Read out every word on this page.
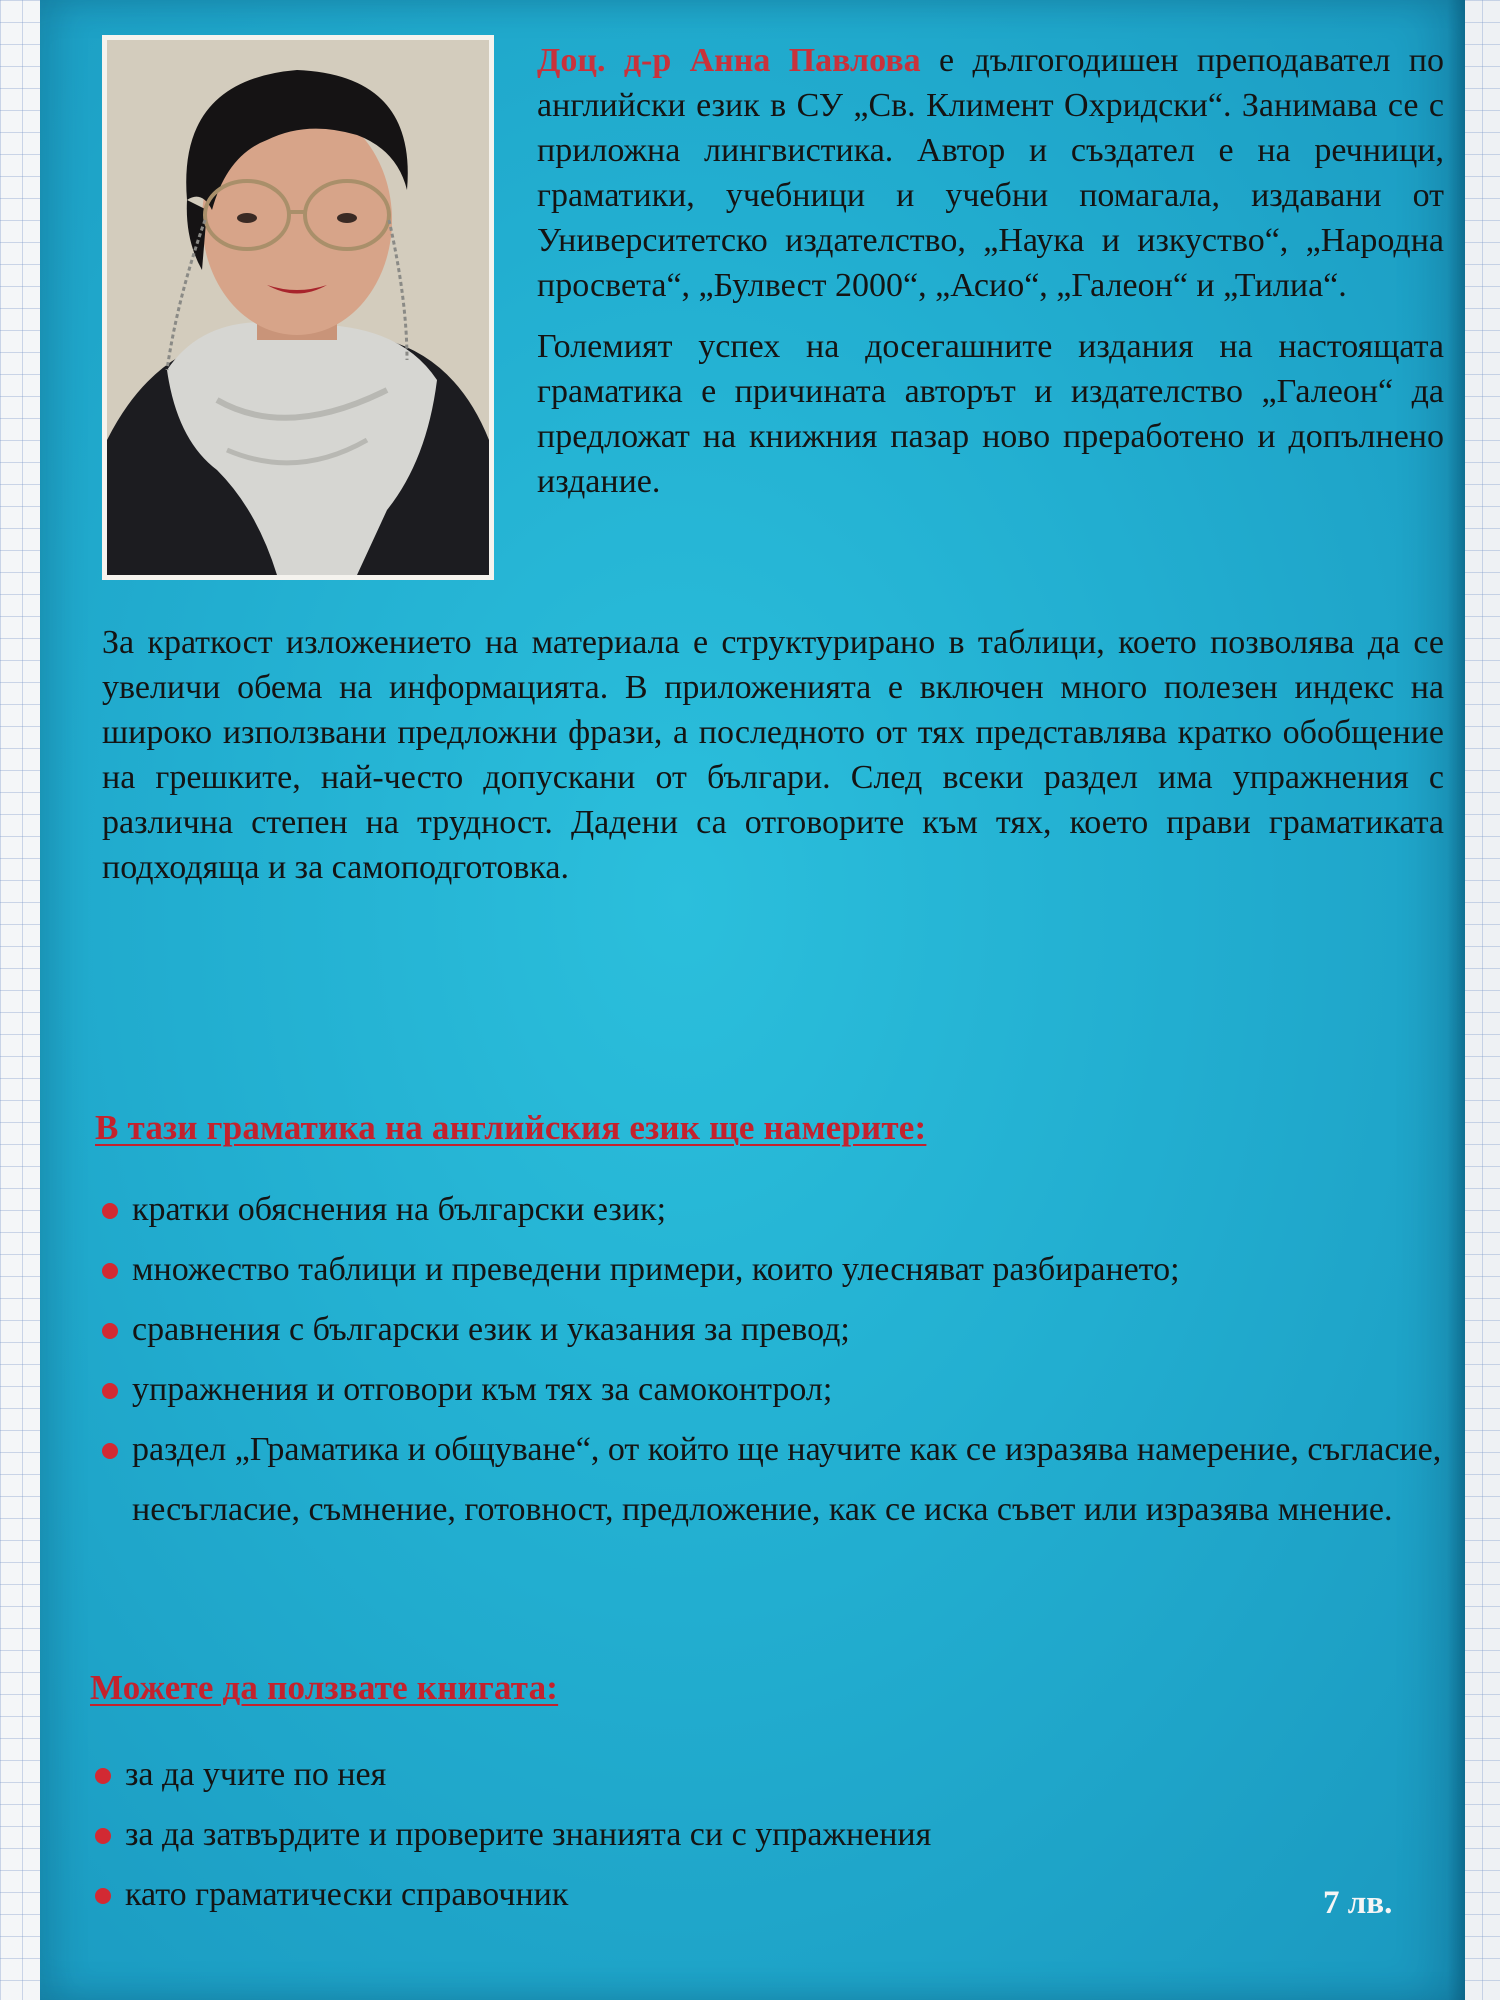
Доц. д-р Анна Павлова е дългогодишен преподавател по английски език в СУ „Св. Климент Охридски“. Занимава се с приложна лингвистика. Автор и създател е на речници, граматики, учебници и учебни помагала, издавани от Университетско издателство, „Наука и изкуство“, „Народна просвета“, „Булвест 2000“, „Асио“, „Галеон“ и „Тилиа“.

Големият успех на досегашните издания на настоящата граматика е причината авторът и издателство „Галеон“ да предложат на книжния пазар ново преработено и допълнено издание.

За краткост изложението на материала е структурирано в таблици, което позволява да се увеличи обема на информацията. В приложенията е включен много полезен индекс на широко използвани предложни фрази, а последното от тях представлява кратко обобщение на грешките, най-често допускани от българи. След всеки раздел има упражнения с различна степен на трудност. Дадени са отговорите към тях, което прави граматиката подходяща и за самоподготовка.

В тази граматика на английския език ще намерите:
кратки обяснения на български език;
множество таблици и преведени примери, които улесняват разбирането;
сравнения с български език и указания за превод;
упражнения и отговори към тях за самоконтрол;
раздел „Граматика и общуване“, от който ще научите как се изразява намерение, съгласие, несъгласие, съмнение, готовност, предложение, как се иска съвет или изразява мнение.
Можете да ползвате книгата:
за да учите по нея
за да затвърдите и проверите знанията си с упражнения
като граматически справочник	7 лв.
